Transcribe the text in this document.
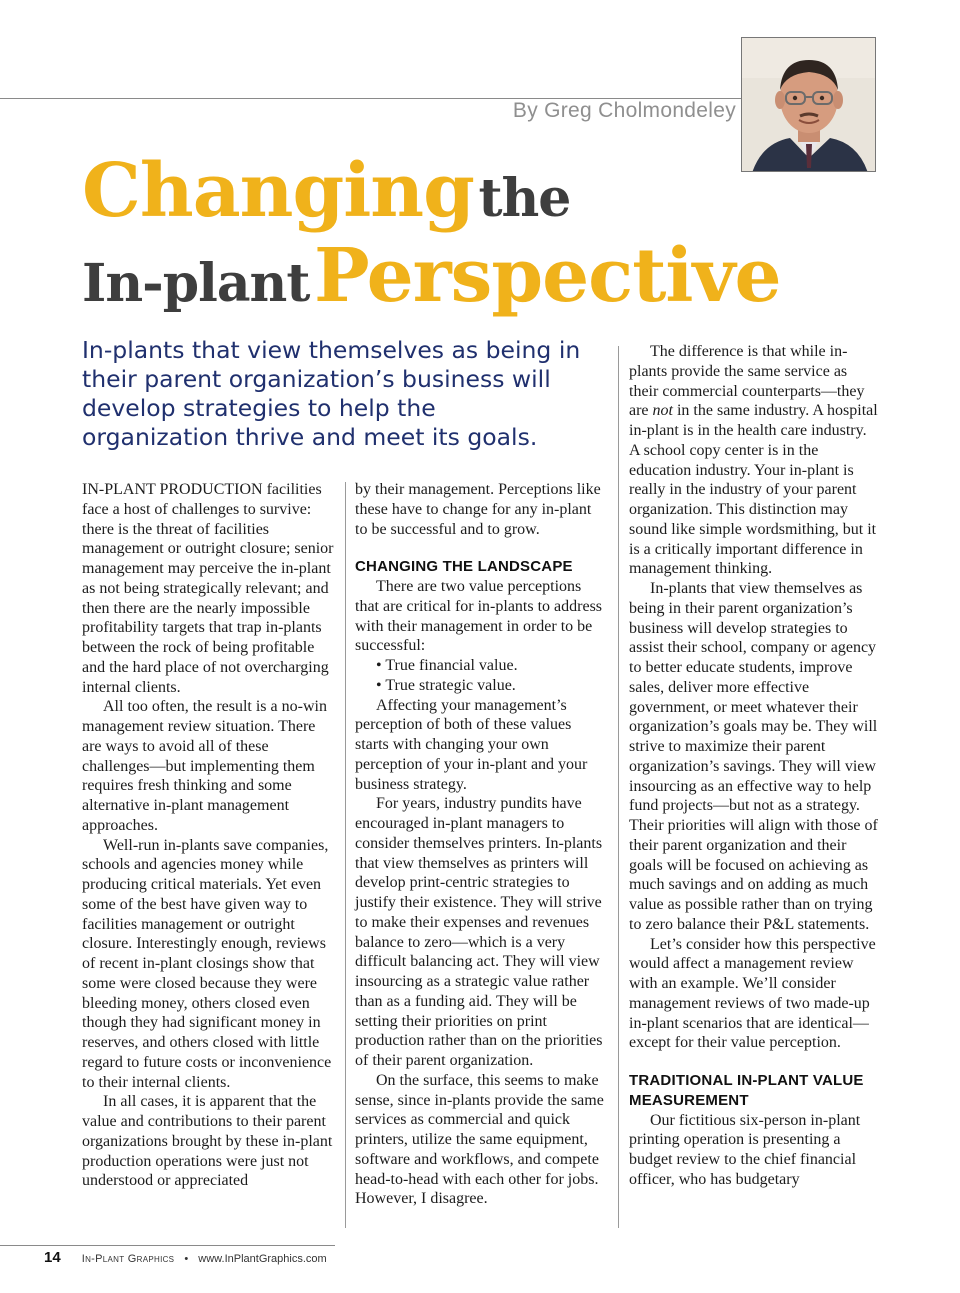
By Greg Cholmondeley
Changing the
In-plant Perspective
In-plants that view themselves as being in their parent organization’s business will develop strategies to help the organization thrive and meet its goals.

IN-PLANT PRODUCTION facilities face a host of challenges to survive: there is the threat of facilities management or outright closure; senior management may perceive the in-plant as not being strategically relevant; and then there are the nearly impossible profitability targets that trap in-plants between the rock of being profitable and the hard place of not overcharging internal clients.

All too often, the result is a no-win management review situation. There are ways to avoid all of these challenges—but implementing them requires fresh thinking and some alternative in-plant management approaches.

Well-run in-plants save companies, schools and agencies money while producing critical materials. Yet even some of the best have given way to facilities management or outright closure. Interestingly enough, reviews of recent in-plant closings show that some were closed because they were bleeding money, others closed even though they had significant money in reserves, and others closed with little regard to future costs or inconvenience to their internal clients.

In all cases, it is apparent that the value and contributions to their parent organizations brought by these in-plant production operations were just not understood or appreciated

by their management. Perceptions like these have to change for any in-plant to be successful and to grow.

CHANGING THE LANDSCAPE

There are two value perceptions that are critical for in-plants to address with their management in order to be successful:

• True financial value.
• True strategic value.

Affecting your management’s perception of both of these values starts with changing your own perception of your in-plant and your business strategy.

For years, industry pundits have encouraged in-plant managers to consider themselves printers. In-plants that view themselves as printers will develop print-centric strategies to justify their existence. They will strive to make their expenses and revenues balance to zero—which is a very difficult balancing act. They will view insourcing as a strategic value rather than as a funding aid. They will be setting their priorities on print production rather than on the priorities of their parent organization.

On the surface, this seems to make sense, since in-plants provide the same services as commercial and quick printers, utilize the same equipment, software and workflows, and compete head-to-head with each other for jobs. However, I disagree.

The difference is that while in-plants provide the same service as their commercial counterparts—they are not in the same industry. A hospital in-plant is in the health care industry. A school copy center is in the education industry. Your in-plant is really in the industry of your parent organization. This distinction may sound like simple wordsmithing, but it is a critically important difference in management thinking.

In-plants that view themselves as being in their parent organization’s business will develop strategies to assist their school, company or agency to better educate students, improve sales, deliver more effective government, or meet whatever their organization’s goals may be. They will strive to maximize their parent organization’s savings. They will view insourcing as an effective way to help fund projects—but not as a strategy. Their priorities will align with those of their parent organization and their goals will be focused on achieving as much savings and on adding as much value as possible rather than on trying to zero balance their P&L statements.

Let’s consider how this perspective would affect a management review with an example. We’ll consider management reviews of two made-up in-plant scenarios that are identical—except for their value perception.

TRADITIONAL IN-PLANT VALUE MEASUREMENT

Our fictitious six-person in-plant printing operation is presenting a budget review to the chief financial officer, who has budgetary

14 In-Plant Graphics • www.InPlantGraphics.com
